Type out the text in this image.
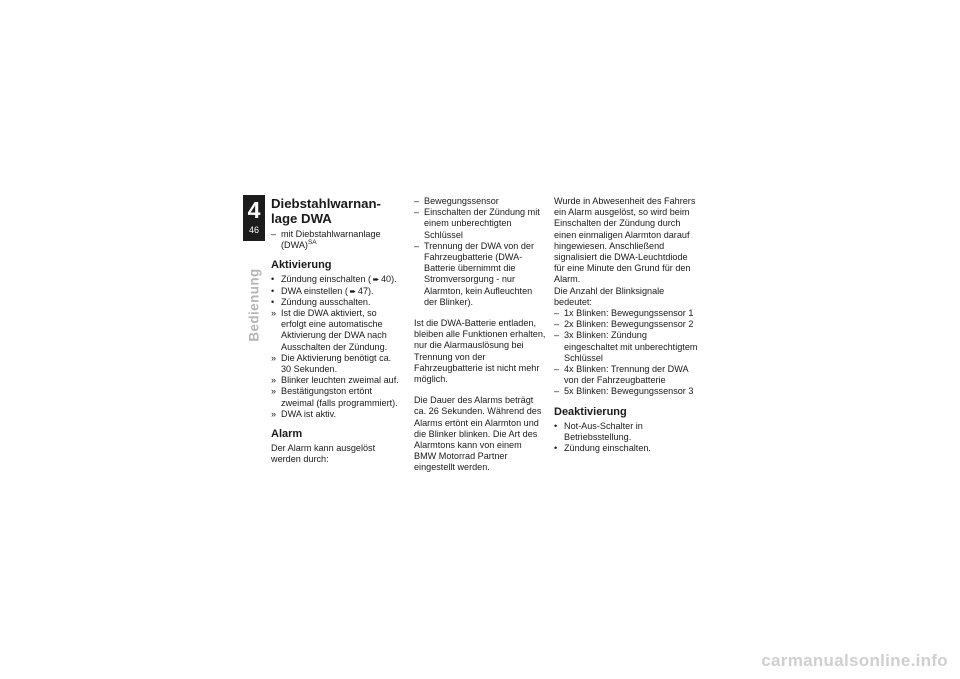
4
46
Bedienung
Diebstahlwarnan-
lage DWA
– mit Diebstahlwarnanlage (DWA)$^{SA}$
Aktivierung
• Zündung einschalten ( ➨ 40).
• DWA einstellen ( ➨ 47).
• Zündung ausschalten.
» Ist die DWA aktiviert, so erfolgt eine automatische Aktivierung der DWA nach Ausschalten der Zündung.
» Die Aktivierung benötigt ca. 30 Sekunden.
» Blinker leuchten zweimal auf.
» Bestätigungston ertönt zweimal (falls programmiert).
» DWA ist aktiv.
Alarm

Der Alarm kann ausgelöst werden durch:

– Bewegungssensor
– Einschalten der Zündung mit einem unberechtigten Schlüssel
– Trennung der DWA von der Fahrzeugbatterie (DWA-Batterie übernimmt die Stromversorgung - nur Alarmton, kein Aufleuchten der Blinker).

Ist die DWA-Batterie entladen, bleiben alle Funktionen erhalten, nur die Alarmauslösung bei Trennung von der Fahrzeugbatterie ist nicht mehr möglich.

Die Dauer des Alarms beträgt ca. 26 Sekunden. Während des Alarms ertönt ein Alarmton und die Blinker blinken. Die Art des Alarmtons kann von einem BMW Motorrad Partner eingestellt werden.

Wurde in Abwesenheit des Fahrers ein Alarm ausgelöst, so wird beim Einschalten der Zündung durch einen einmaligen Alarmton darauf hingewiesen. Anschließend signalisiert die DWA-Leuchtdiode für eine Minute den Grund für den Alarm.

Die Anzahl der Blinksignale bedeutet:

– 1x Blinken: Bewegungssensor 1
– 2x Blinken: Bewegungssensor 2
– 3x Blinken: Zündung eingeschaltet mit unberechtigtem Schlüssel
– 4x Blinken: Trennung der DWA von der Fahrzeugbatterie
– 5x Blinken: Bewegungssensor 3
Deaktivierung
• Not-Aus-Schalter in Betriebsstellung.
• Zündung einschalten.
carmanualsonline.info
